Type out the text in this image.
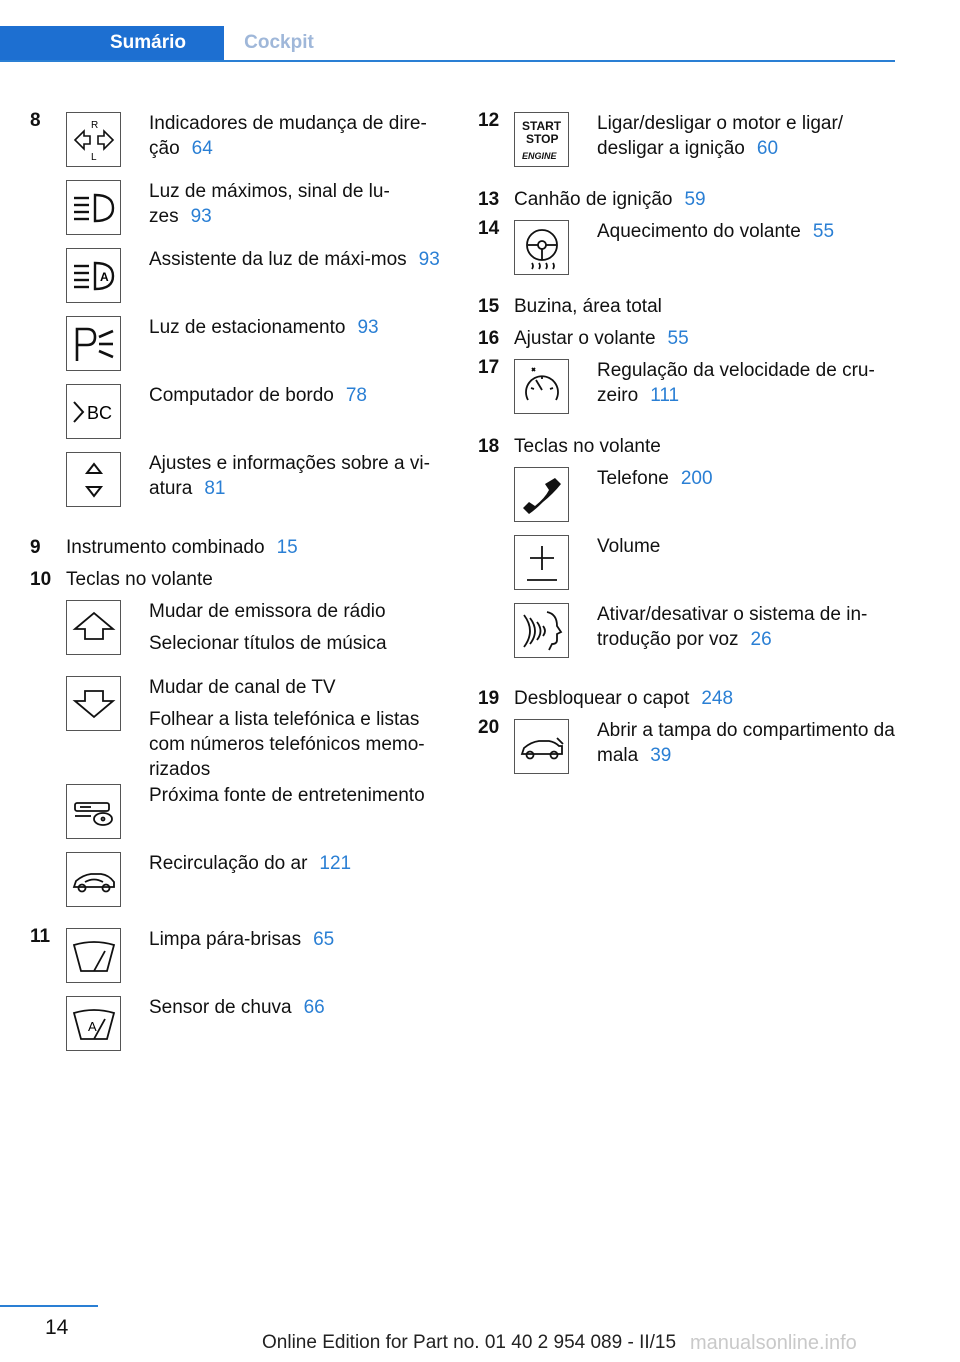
Sumário	Cockpit
8	R
L
Indicadores de mudança de dire‐ção 64
Luz de máximos, sinal de lu‐zes 93
A
Assistente da luz de máxi‐mos 93
Luz de estacionamento 93
BC
Computador de bordo 78
Ajustes e informações sobre a vi‐atura 81
9	Instrumento combinado 15
10 Teclas no volante
Mudar de emissora de rádio
Selecionar títulos de música
Mudar de canal de TV
Folhear a lista telefónica e listas com números telefónicos memo‐rizados
Próxima fonte de entretenimento
Recirculação do ar 121
11	Limpa pára-brisas 65
A
Sensor de chuva 66
12	START
STOP
ENGINE
Ligar/desligar o motor e ligar/ desligar a ignição 60
13 Canhão de ignição 59
14	Aquecimento do volante 55
15 Buzina, área total
16 Ajustar o volante 55
17	Regulação da velocidade de cru‐zeiro 111
18 Teclas no volante
Telefone 200
Volume
Ativar/desativar o sistema de in‐trodução por voz 26
19 Desbloquear o capot 248
20	Abrir a tampa do compartimento da mala 39
14
Online Edition for Part no. 01 40 2 954 089 - II/15 manualsonline.info
